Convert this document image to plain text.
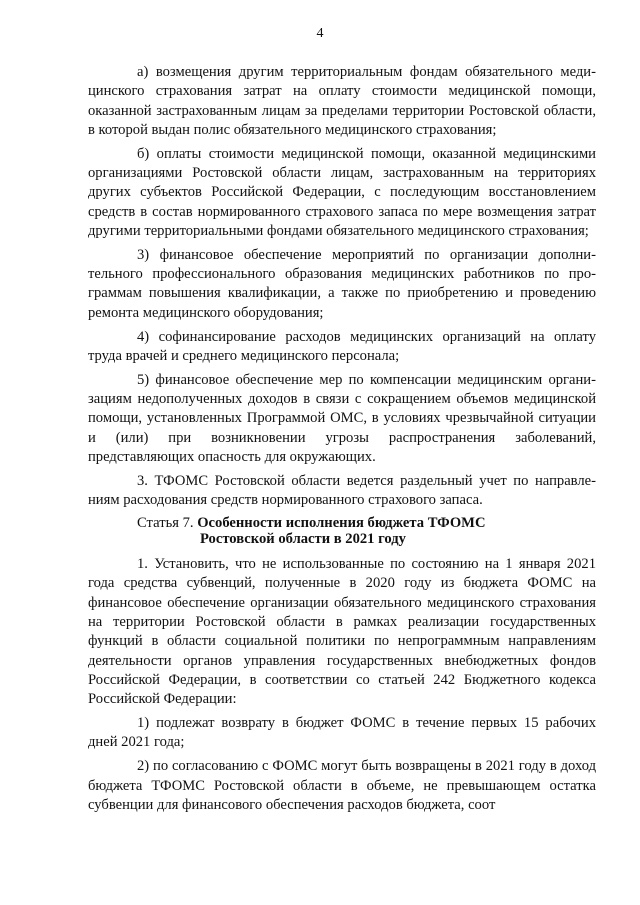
4

а) возмещения другим территориальным фондам обязательного медицинского страхования затрат на оплату стоимости медицинской помощи, оказанной застрахованным лицам за пределами территории Ростовской области, в которой выдан полис обязательного медицинского страхования;

б) оплаты стоимости медицинской помощи, оказанной медицинскими организациями Ростовской области лицам, застрахованным на территориях других субъектов Российской Федерации, с последующим восстановлением средств в состав нормированного страхового запаса по мере возмещения затрат другими территориальными фондами обязательного медицинского страхования;

3) финансовое обеспечение мероприятий по организации дополнительного профессионального образования медицинских работников по программам повышения квалификации, а также по приобретению и проведению ремонта медицинского оборудования;

4) софинансирование расходов медицинских организаций на оплату труда врачей и среднего медицинского персонала;

5) финансовое обеспечение мер по компенсации медицинским организациям недополученных доходов в связи с сокращением объемов медицинской помощи, установленных Программой ОМС, в условиях чрезвычайной ситуации и (или) при возникновении угрозы распространения заболеваний, представляющих опасность для окружающих.

3. ТФОМС Ростовской области ведется раздельный учет по направлениям расходования средств нормированного страхового запаса.

Статья 7. Особенности исполнения бюджета ТФОМС
Ростовской области в 2021 году

1. Установить, что не использованные по состоянию на 1 января 2021 года средства субвенций, полученные в 2020 году из бюджета ФОМС на финансовое обеспечение организации обязательного медицинского страхования на территории Ростовской области в рамках реализации государственных функций в области социальной политики по непрограммным направлениям деятельности органов управления государственных внебюджетных фондов Российской Федерации, в соответствии со статьей 242 Бюджетного кодекса Российской Федерации:

1) подлежат возврату в бюджет ФОМС в течение первых 15 рабочих дней 2021 года;

2) по согласованию с ФОМС могут быть возвращены в 2021 году в доход бюджета ТФОМС Ростовской области в объеме, не превышающем остатка субвенции для финансового обеспечения расходов бюджета, соот
